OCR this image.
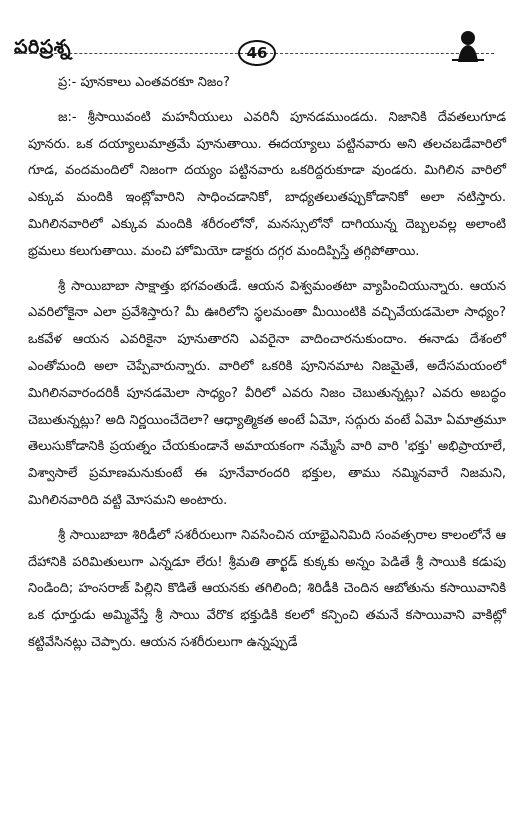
పరిప్రశ్న	46

ప్ర:- పూనకాలు ఎంతవరకూ నిజం?

జ:- శ్రీసాయివంటి మహనీయులు ఎవరినీ పూనడముండదు. నిజానికి దేవతలుగూడ పూనరు. ఒక దయ్యాలుమాత్రమే పూనుతాయి. ఈదయ్యాలు పట్టినవారు అని తలచబడేవారిలో గూడ, వందమందిలో నిజంగా దయ్యం పట్టినవారు ఒకరిద్దరుకూడా వుండరు. మిగిలిన వారిలో ఎక్కువ మందికి ఇంట్లోవారిని సాధించడానికో, బాధ్యతలుతప్పుకోడానికో అలా నటిస్తారు. మిగిలినవారిలో ఎక్కువ మందికి శరీరంలోనో, మనస్సులోనో దాగియున్న దెబ్బలవల్ల అలాంటి భ్రమలు కలుగుతాయి. మంచి హోమియో డాక్టరు దగ్గర మందిప్పిస్తే తగ్గిపోతాయి.

శ్రీ సాయిబాబా సాక్షాత్తు భగవంతుడే. ఆయన విశ్వమంతటా వ్యాపించియున్నారు. ఆయన ఎవరిలోకైనా ఎలా ప్రవేశిస్తారు? మీ ఊరిలోని స్థలమంతా మీయింటికి వచ్చివేయడమెలా సాధ్యం? ఒకవేళ ఆయన ఎవరికైనా పూనుతారని ఎవరైనా వాదించారనుకుందాం. ఈనాడు దేశంలో ఎంతోమంది అలా చెప్పేవారున్నారు. వారిలో ఒకరికి పూనినమాట నిజమైతే, అదేసమయంలో మిగిలినవారందరికీ పూనడమెలా సాధ్యం? వీరిలో ఎవరు నిజం చెబుతున్నట్లు? ఎవరు అబద్ధం చెబుతున్నట్లు? అది నిర్ణయించేదెలా? ఆధ్యాత్మికత అంటే ఏమో, సద్గురు వంటే ఏమో ఏమాత్రమూ తెలుసుకోడానికి ప్రయత్నం చేయకుండానే అమాయకంగా నమ్మేసే వారి వారి 'భక్తు' అభిప్రాయాలే, విశ్వాసాలే ప్రమాణమనుకుంటే ఈ పూనేవారందరి భక్తుల, తాము నమ్మినవారే నిజమని, మిగిలినవారిది వట్టి మోసమని అంటారు.

శ్రీ సాయిబాబా శిరిడీలో సశరీరులుగా నివసించిన యాభైఎనిమిది సంవత్సరాల కాలంలోనే ఆ దేహానికి పరిమితులుగా ఎన్నడూ లేరు! శ్రీమతి తార్ఖడ్ కుక్కకు అన్నం పెడితే శ్రీ సాయికి కడుపు నిండింది; హంసరాజ్ పిల్లిని కొడితే ఆయనకు తగిలింది; శిరిడీకి చెందిన ఆబోతును కసాయివానికి ఒక ధూర్తుడు అమ్మివేస్తే శ్రీ సాయి వేరొక భక్తుడికి కలలో కన్పించి తమనే కసాయివాని వాకిట్లో కట్టివేసినట్లు చెప్పారు. ఆయన సశరీరులుగా ఉన్నప్పుడే
